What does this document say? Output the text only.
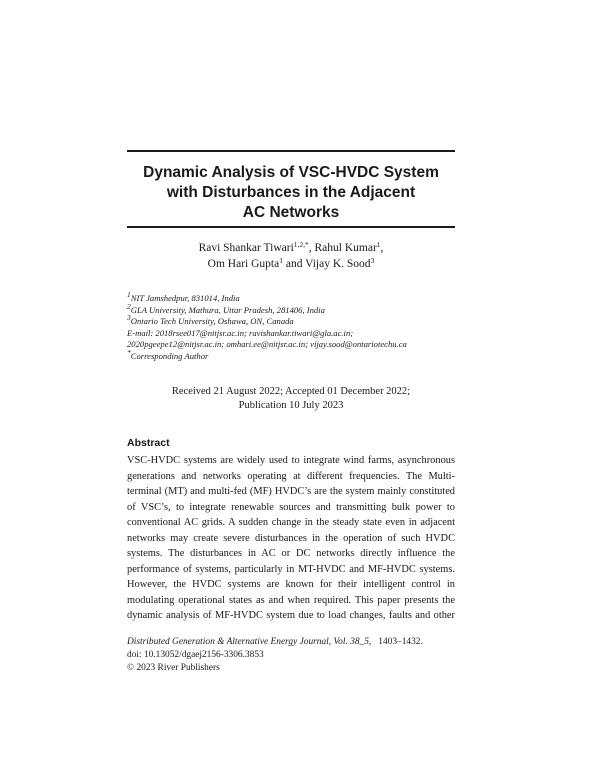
Dynamic Analysis of VSC-HVDC System
with Disturbances in the Adjacent
AC Networks
Ravi Shankar Tiwari$^{1,2,*}$, Rahul Kumar$^1$,
Om Hari Gupta$^1$ and Vijay K. Sood$^3$
$^1$NIT Jamshedpur, 831014, India
$^2$GLA University, Mathura, Uttar Pradesh, 281406, India
$^3$Ontario Tech University, Oshawa, ON, Canada
E-mail: 2018rsee017@nitjsr.ac.in; ravishankar.tiwari@gla.ac.in;
2020pgeepe12@nitjsr.ac.in; omhari.ee@nitjsr.ac.in; vijay.sood@ontariotechu.ca
*Corresponding Author
Received 21 August 2022; Accepted 01 December 2022;
Publication 10 July 2023
Abstract
VSC-HVDC systems are widely used to integrate wind farms, asynchronous
generations and networks operating at different frequencies. The Multi-
terminal (MT) and multi-fed (MF) HVDC’s are the system mainly constituted
of VSC’s, to integrate renewable sources and transmitting bulk power to
conventional AC grids. A sudden change in the steady state even in adjacent
networks may create severe disturbances in the operation of such HVDC
systems. The disturbances in AC or DC networks directly influence the
performance of systems, particularly in MT-HVDC and MF-HVDC systems.
However, the HVDC systems are known for their intelligent control in
modulating operational states as and when required. This paper presents the
dynamic analysis of MF-HVDC system due to load changes, faults and other
Distributed Generation & Alternative Energy Journal, Vol. 38_5, 1403–1432.
doi: 10.13052/dgaej2156-3306.3853
© 2023 River Publishers
